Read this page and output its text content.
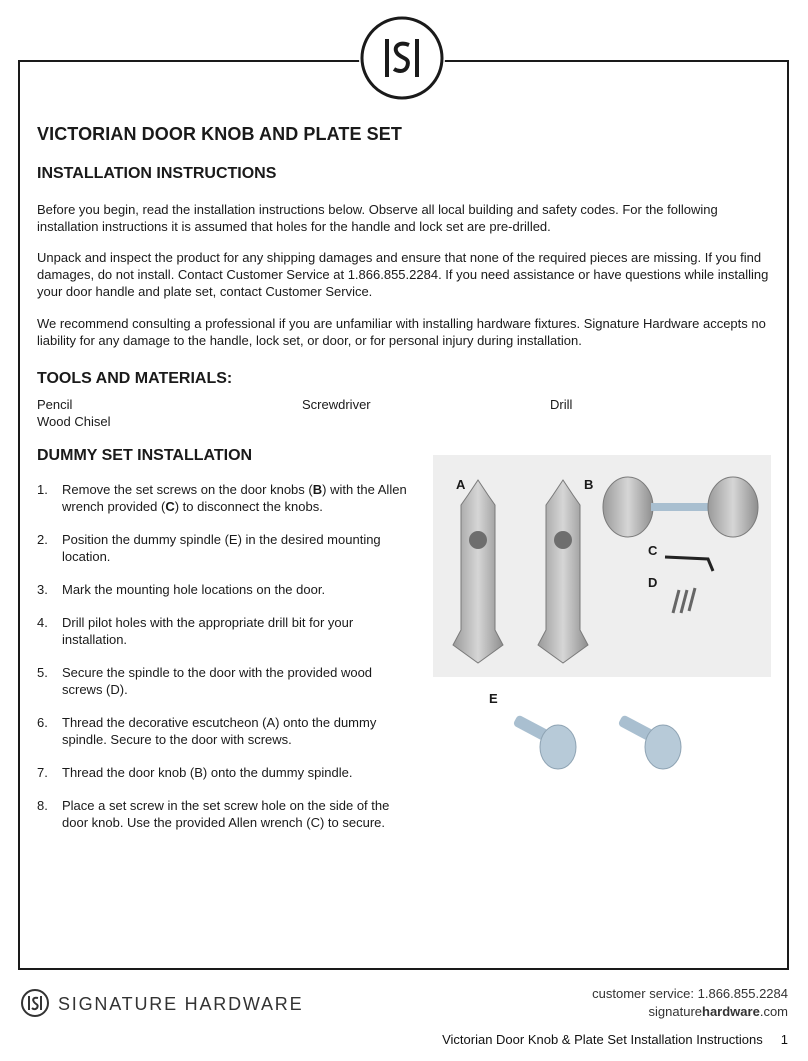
VICTORIAN DOOR KNOB AND PLATE SET
INSTALLATION INSTRUCTIONS

Before you begin, read the installation instructions below. Observe all local building and safety codes. For the following installation instructions it is assumed that holes for the handle and lock set are pre-drilled.

Unpack and inspect the product for any shipping damages and ensure that none of the required pieces are missing. If you find damages, do not install. Contact Customer Service at 1.866.855.2284. If you need assistance or have questions while installing your door handle and plate set, contact Customer Service.

We recommend consulting a professional if you are unfamiliar with installing hardware fixtures. Signature Hardware accepts no liability for any damage to the handle, lock set, or door, or for personal injury during installation.

TOOLS AND MATERIALS:
Pencil	Screwdriver	Drill
Wood Chisel
DUMMY SET INSTALLATION
1.	Remove the set screws on the door knobs (B) with the Allen wrench provided (C) to disconnect the knobs.
2.	Position the dummy spindle (E) in the desired mounting location.
3.	Mark the mounting hole locations on the door.
4.	Drill pilot holes with the appropriate drill bit for your installation.
5.	Secure the spindle to the door with the provided wood screws (D).
6.	Thread the decorative escutcheon (A) onto the dummy spindle. Secure to the door with screws.
7.	Thread the door knob (B) onto the dummy spindle.
8.	Place a set screw in the set screw hole on the side of the door knob. Use the provided Allen wrench (C) to secure.
A	B
C
D
E
SIGNATURE HARDWARE
customer service: 1.866.855.2284
signaturehardware.com
Victorian Door Knob & Plate Set Installation Instructions 1
